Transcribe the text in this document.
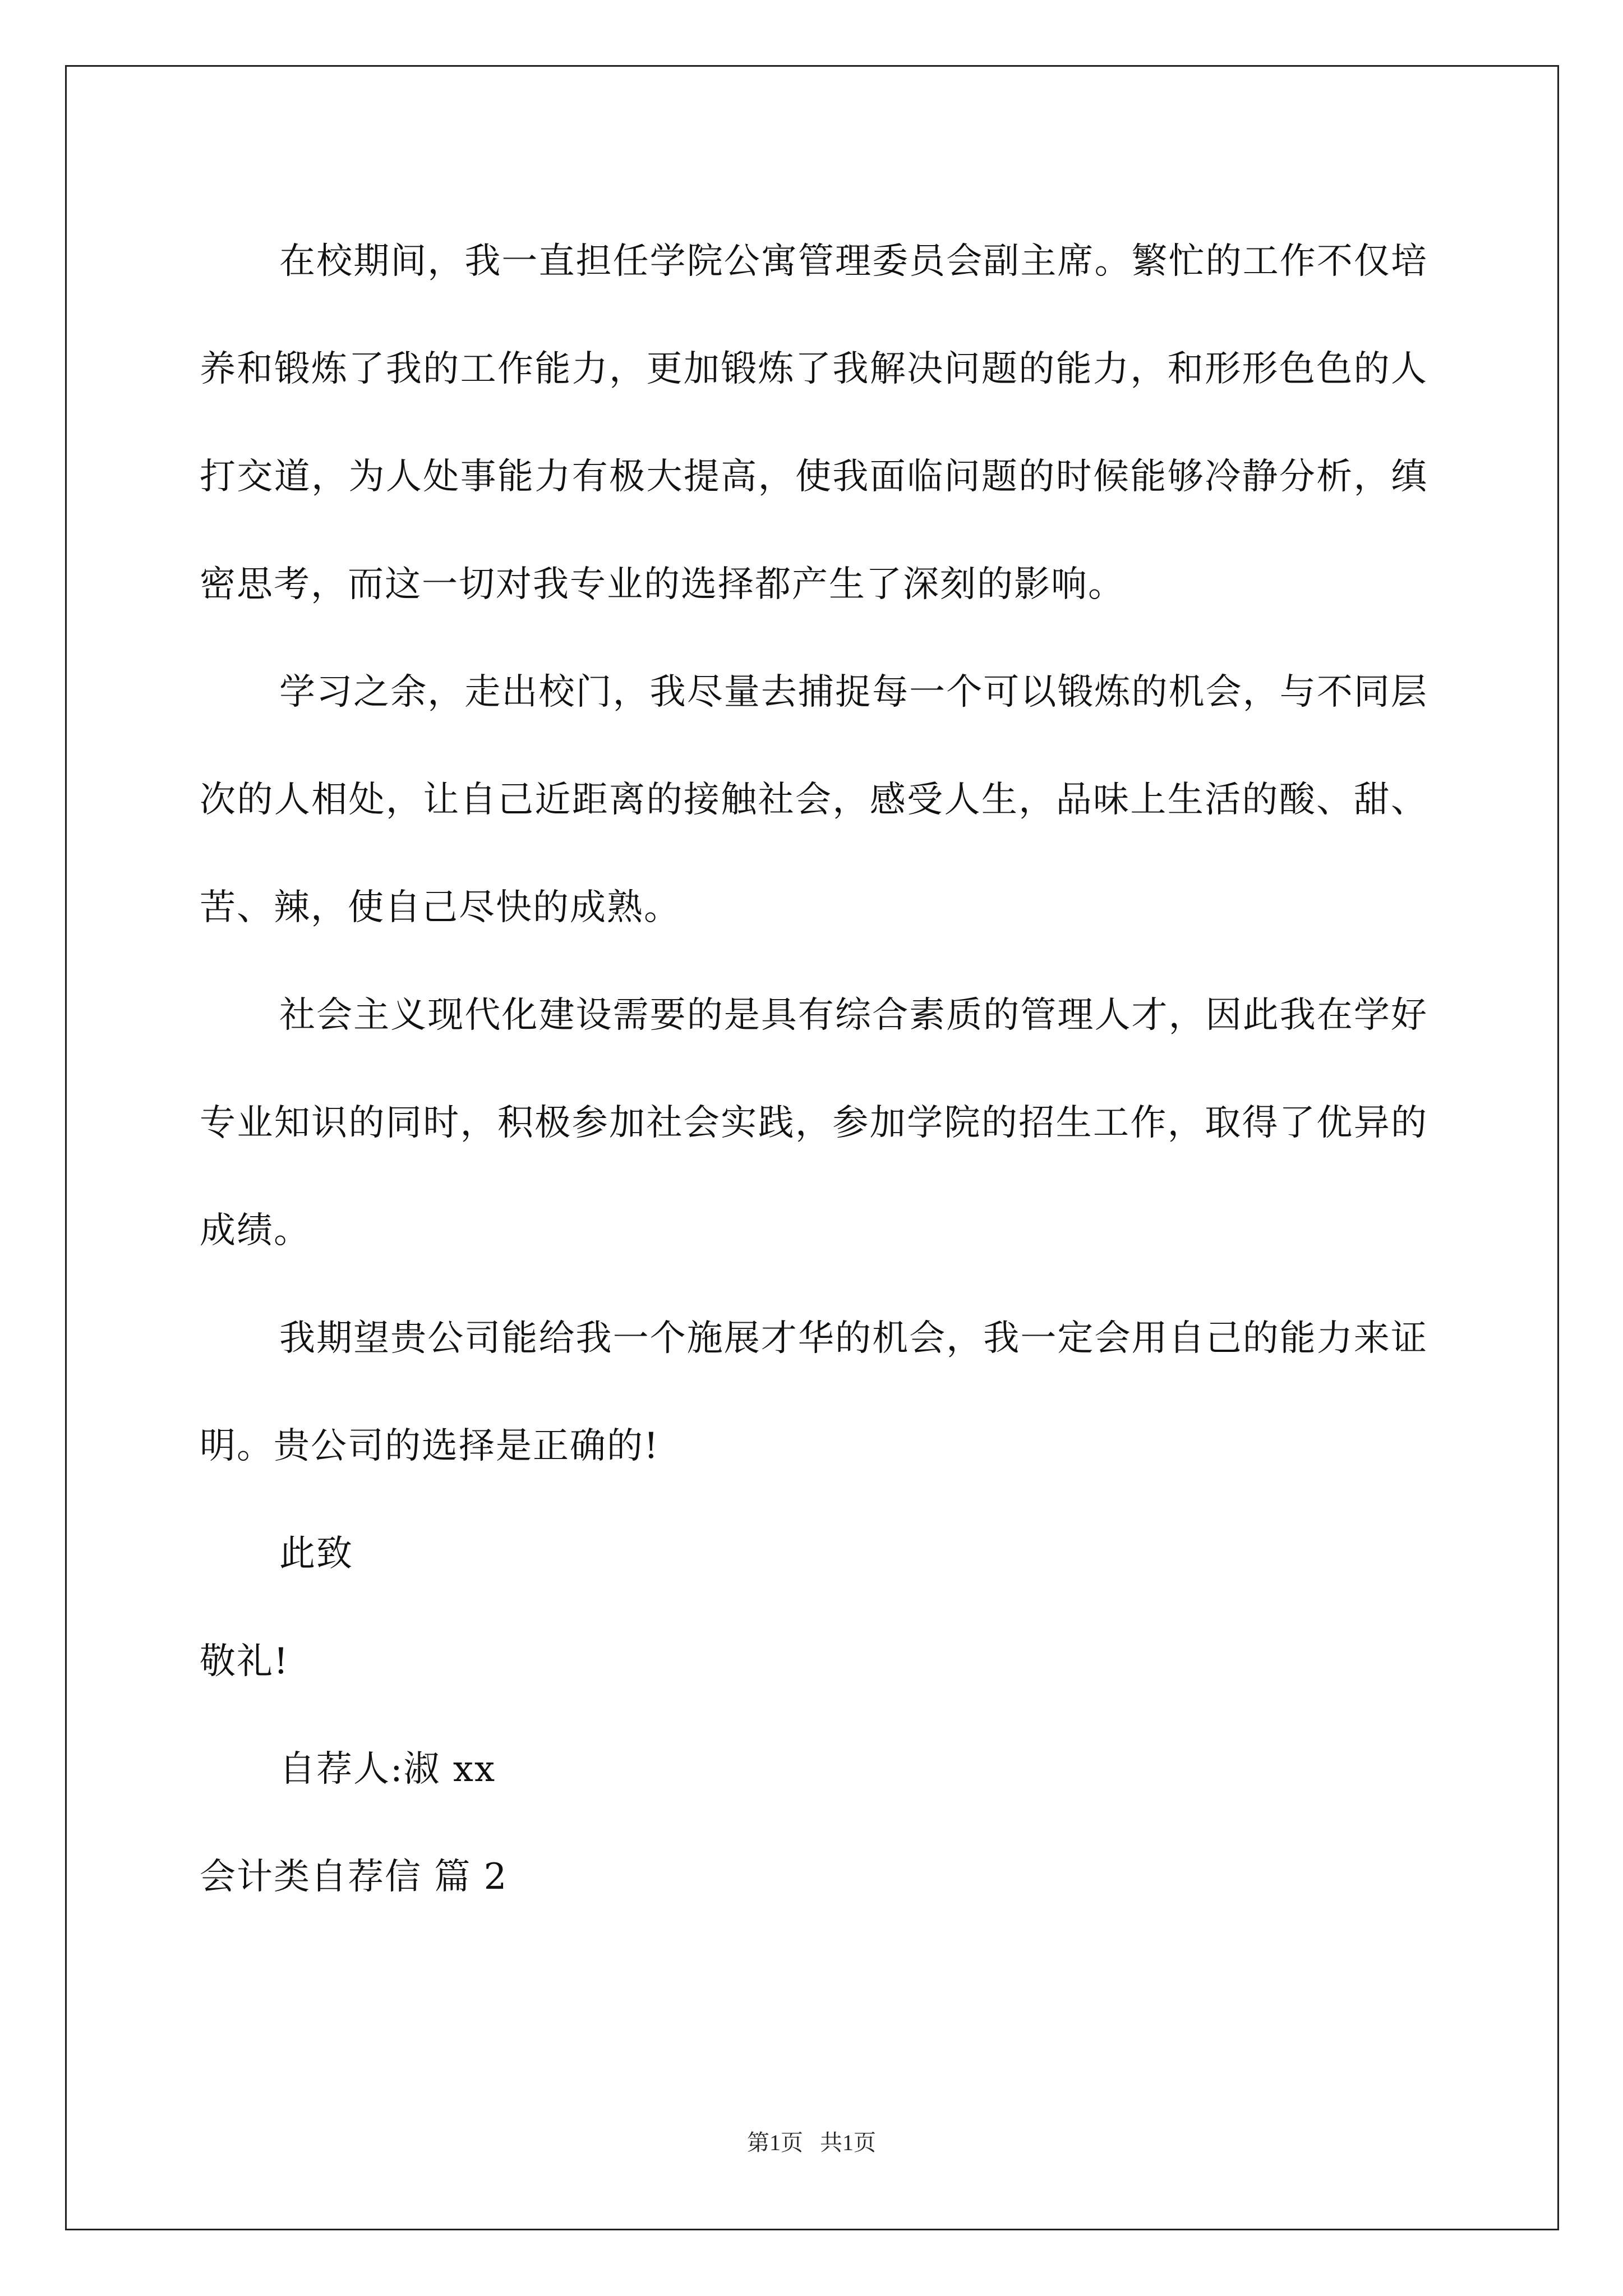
在校期间，我一直担任学院公寓管理委员会副主席。繁忙的工作不仅培养和锻炼了我的工作能力，更加锻炼了我解决问题的能力，和形形色色的人打交道，为人处事能力有极大提高，使我面临问题的时候能够冷静分析，缜密思考，而这一切对我专业的选择都产生了深刻的影响。

学习之余，走出校门，我尽量去捕捉每一个可以锻炼的机会，与不同层次的人相处，让自己近距离的接触社会，感受人生，品味上生活的酸、甜、苦、辣，使自己尽快的成熟。

社会主义现代化建设需要的是具有综合素质的管理人才，因此我在学好专业知识的同时，积极参加社会实践，参加学院的招生工作，取得了优异的成绩。

我期望贵公司能给我一个施展才华的机会，我一定会用自己的能力来证明。贵公司的选择是正确的!

此致

敬礼!

自荐人:淑 xx

会计类自荐信 篇 2

第1页   共1页
